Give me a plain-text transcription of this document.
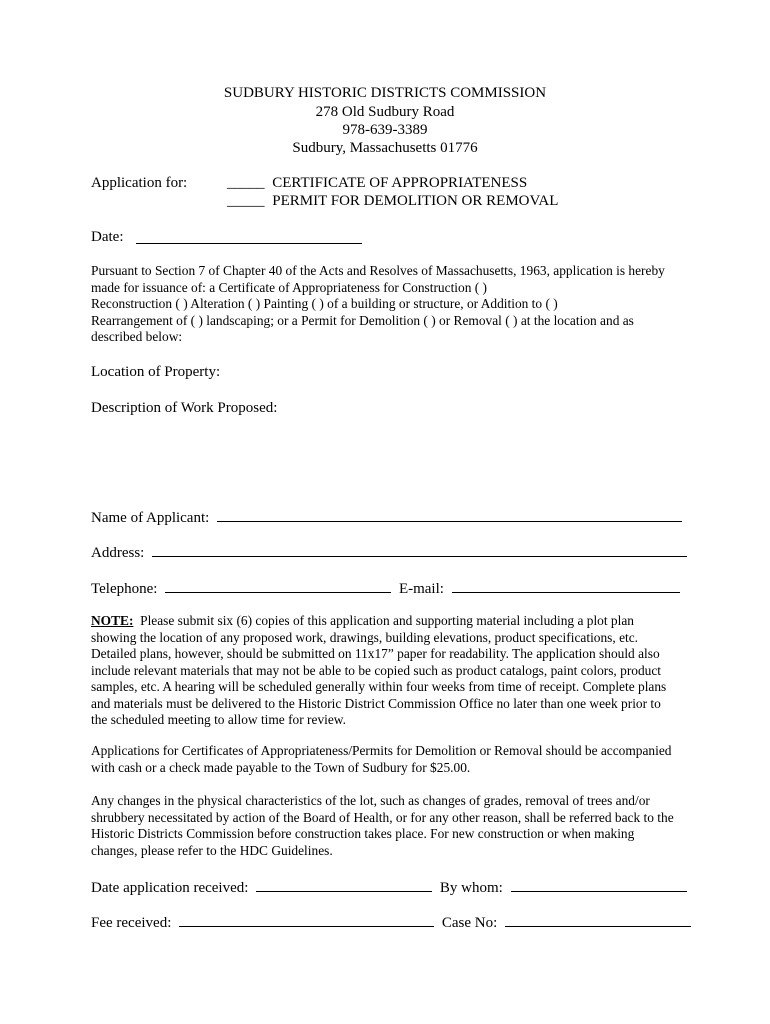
SUDBURY HISTORIC DISTRICTS COMMISSION
278 Old Sudbury Road
978-639-3389
Sudbury, Massachusetts 01776
Application for:	_____ CERTIFICATE OF APPROPRIATENESS
_____ PERMIT FOR DEMOLITION OR REMOVAL
Date:

Pursuant to Section 7 of Chapter 40 of the Acts and Resolves of Massachusetts, 1963, application is hereby

made for issuance of: a Certificate of Appropriateness for Construction ( )

Reconstruction ( ) Alteration ( ) Painting ( ) of a building or structure, or Addition to ( )

Rearrangement of ( ) landscaping; or a Permit for Demolition ( ) or Removal ( ) at the location and as

described below:

Location of Property:
Description of Work Proposed:
Name of Applicant:
Address:
Telephone:	E-mail:

NOTE:  Please submit six (6) copies of this application and supporting material including a plot plan

showing the location of any proposed work, drawings, building elevations, product specifications, etc.

Detailed plans, however, should be submitted on 11x17” paper for readability. The application should also

include relevant materials that may not be able to be copied such as product catalogs, paint colors, product

samples, etc. A hearing will be scheduled generally within four weeks from time of receipt. Complete plans

and materials must be delivered to the Historic District Commission Office no later than one week prior to

the scheduled meeting to allow time for review.

Applications for Certificates of Appropriateness/Permits for Demolition or Removal should be accompanied

with cash or a check made payable to the Town of Sudbury for $25.00.

Any changes in the physical characteristics of the lot, such as changes of grades, removal of trees and/or

shrubbery necessitated by action of the Board of Health, or for any other reason, shall be referred back to the

Historic Districts Commission before construction takes place. For new construction or when making

changes, please refer to the HDC Guidelines.

Date application received:	By whom:
Fee received:	Case No:
